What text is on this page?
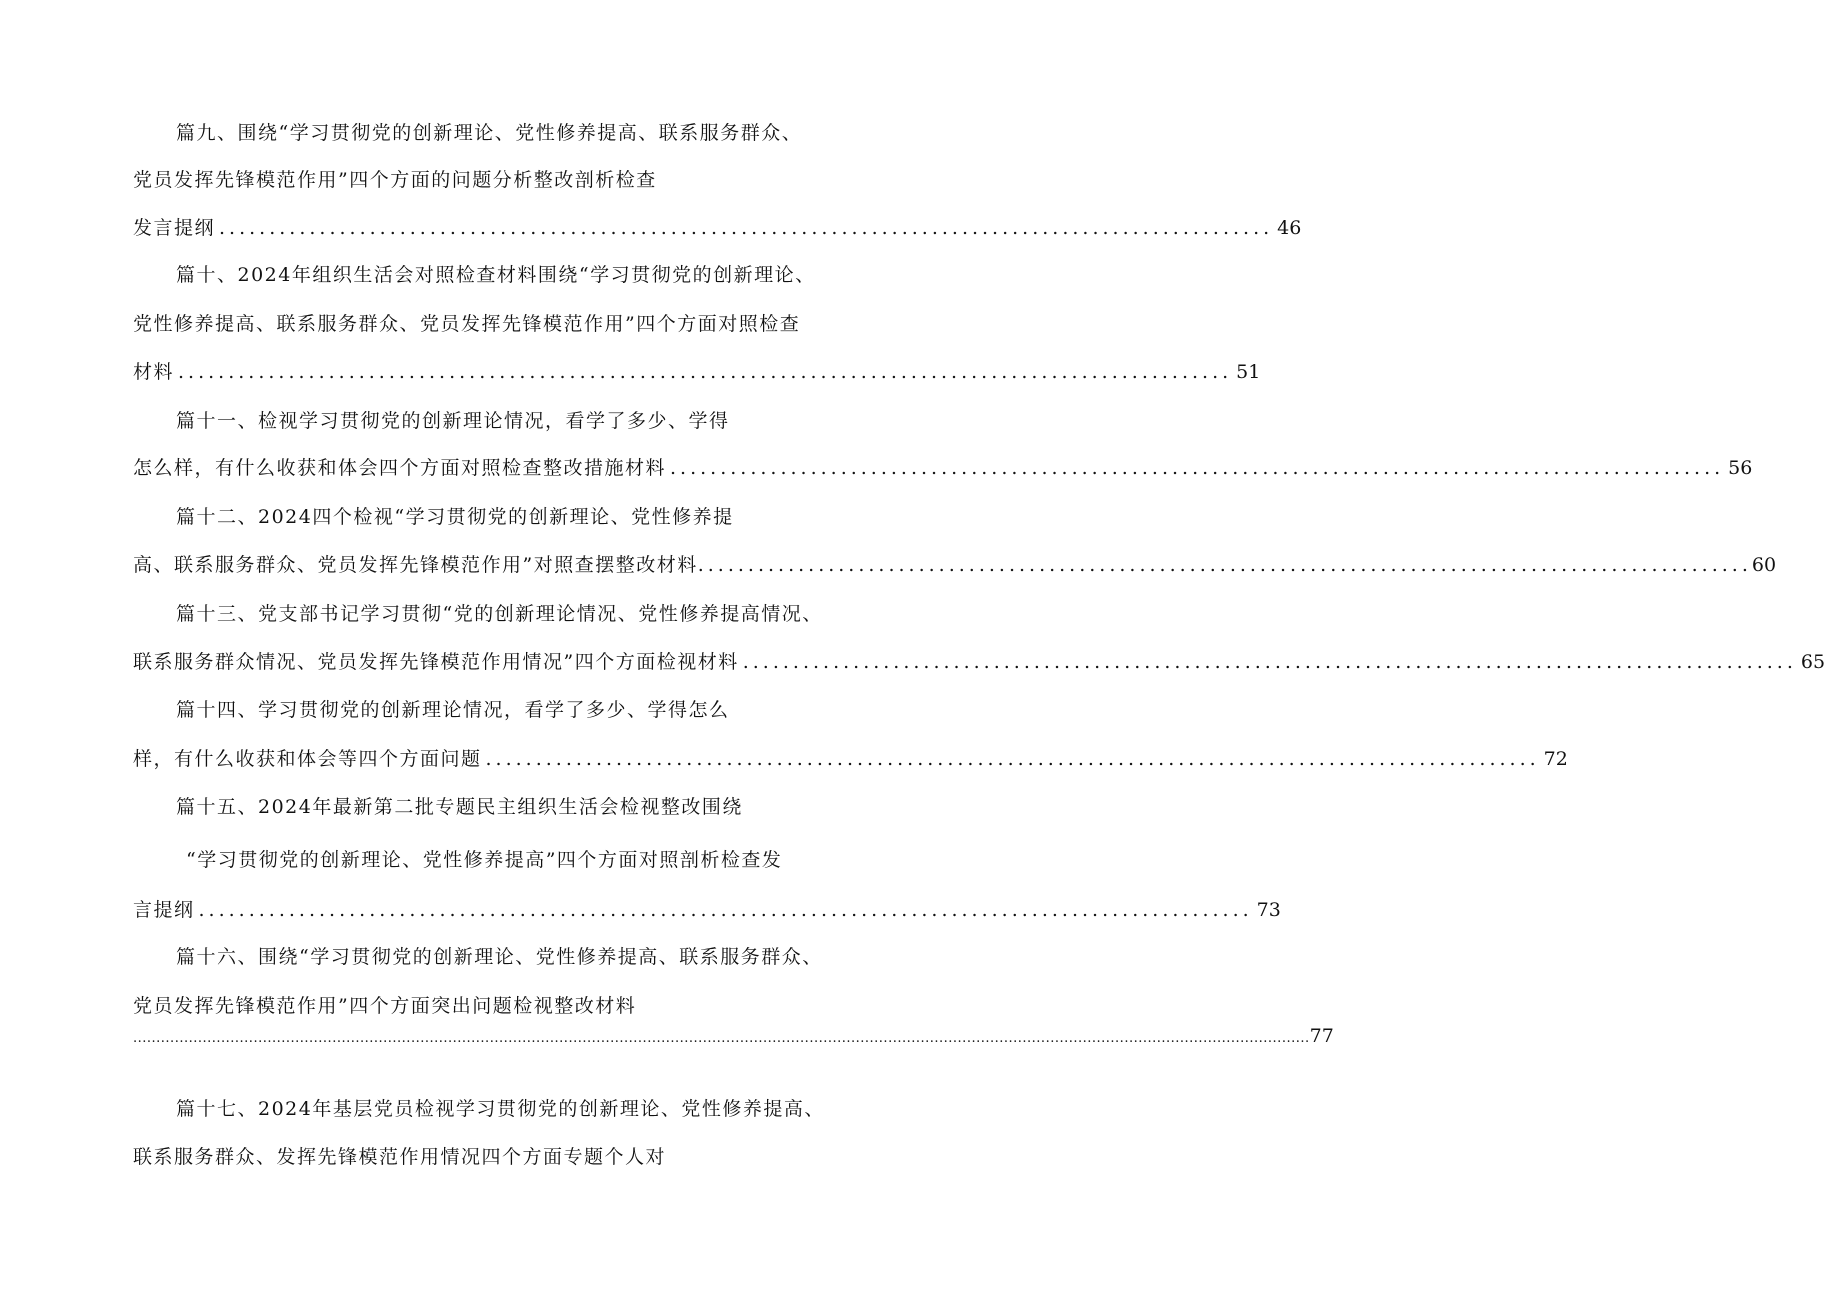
篇九、围绕“学习贯彻党的创新理论、党性修养提高、联系服务群众、
党员发挥先锋模范作用”四个方面的问题分析整改剖析检查
发言提纲 ......................................................................................................... 46
篇十、2024年组织生活会对照检查材料围绕“学习贯彻党的创新理论、
党性修养提高、联系服务群众、党员发挥先锋模范作用”四个方面对照检查
材料 ......................................................................................................... 51
篇十一、检视学习贯彻党的创新理论情况，看学了多少、学得
怎么样，有什么收获和体会四个方面对照检查整改措施材料 ......................................................................................................... 56
篇十二、2024四个检视“学习贯彻党的创新理论、党性修养提
高、联系服务群众、党员发挥先锋模范作用”对照查摆整改材料 ......................................................................................................... 60
篇十三、党支部书记学习贯彻“党的创新理论情况、党性修养提高情况、
联系服务群众情况、党员发挥先锋模范作用情况”四个方面检视材料 ......................................................................................................... 65
篇十四、学习贯彻党的创新理论情况，看学了多少、学得怎么
样，有什么收获和体会等四个方面问题 ......................................................................................................... 72
篇十五、2024年最新第二批专题民主组织生活会检视整改围绕
“学习贯彻党的创新理论、党性修养提高”四个方面对照剖析检查发
言提纲 ......................................................................................................... 73
篇十六、围绕“学习贯彻党的创新理论、党性修养提高、联系服务群众、
党员发挥先锋模范作用”四个方面突出问题检视整改材料
.............................................................................................................................................................................................................................................................. 77
篇十七、2024年基层党员检视学习贯彻党的创新理论、党性修养提高、
联系服务群众、发挥先锋模范作用情况四个方面专题个人对
